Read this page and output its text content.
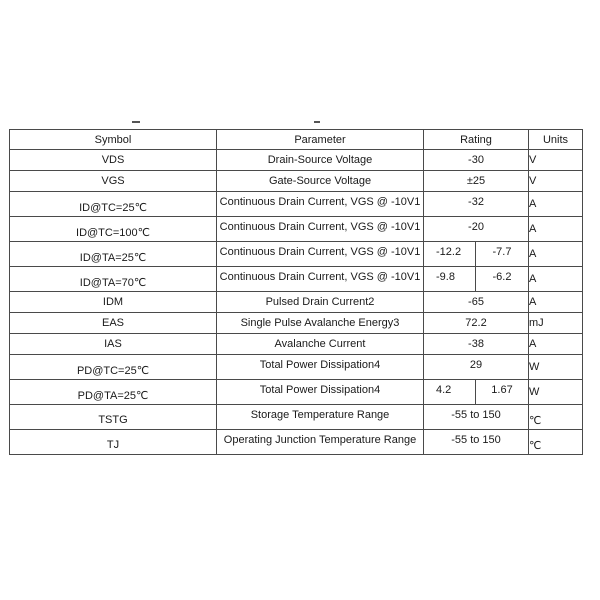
Symbol	Parameter	Rating		Units
VDS	Drain-Source Voltage	-30		V
VGS	Gate-Source Voltage	±25		V
ID@TC=25℃	Continuous Drain Current, VGS @ -10V1	-32		A
ID@TC=100℃	Continuous Drain Current, VGS @ -10V1	-20		A
ID@TA=25℃	Continuous Drain Current, VGS @ -10V1	-12.2	-7.7	A
ID@TA=70℃	Continuous Drain Current, VGS @ -10V1	-9.8	-6.2	A
IDM	Pulsed Drain Current2	-65		A
EAS	Single Pulse Avalanche Energy3	72.2		mJ
IAS	Avalanche Current	-38		A
PD@TC=25℃	Total Power Dissipation4	29		W
PD@TA=25℃	Total Power Dissipation4	4.2	1.67	W
TSTG	Storage Temperature Range	-55 to 150		℃
TJ	Operating Junction Temperature Range	-55 to 150		℃
